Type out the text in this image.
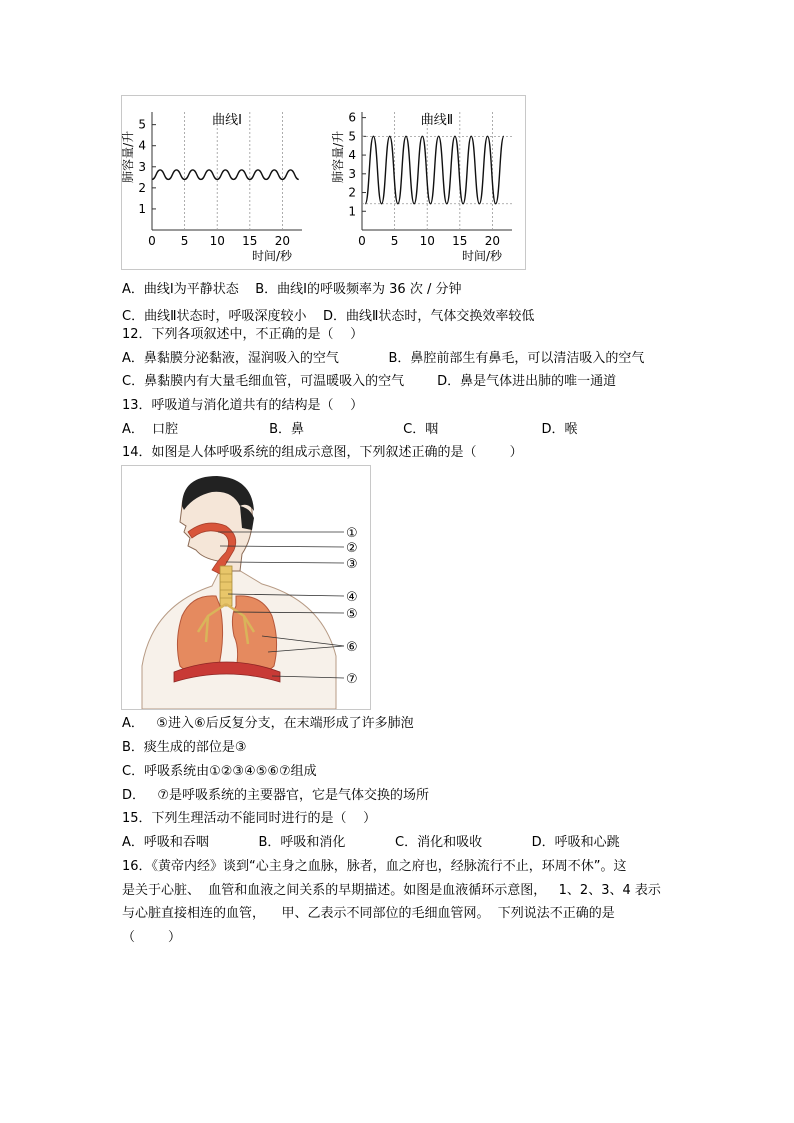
0 5 10 15 20
1
2
3
4
5	曲线Ⅰ
时间/秒
肺容量/升
0 5 10 15 20
1
2
3
4
5
6	曲线Ⅱ
时间/秒
肺容量/升
A．曲线Ⅰ为平静状态    B．曲线Ⅰ的呼吸频率为 36 次 / 分钟
C．曲线Ⅱ状态时，呼吸深度较小    D．曲线Ⅱ状态时，气体交换效率较低
12．下列各项叙述中，不正确的是（    ）
A．鼻黏膜分泌黏液，湿润吸入的空气            B．鼻腔前部生有鼻毛，可以清洁吸入的空气
C．鼻黏膜内有大量毛细血管，可温暖吸入的空气        D．鼻是气体进出肺的唯一通道
13．呼吸道与消化道共有的结构是（    ）
A．  口腔                      B．鼻                        C．咽                         D．喉
14．如图是人体呼吸系统的组成示意图，下列叙述正确的是（        ）
①
②
③
④
⑤
⑥
⑦
A．   ⑤进入⑥后反复分支，在末端形成了许多肺泡
B．痰生成的部位是③
C．呼吸系统由①②③④⑤⑥⑦组成
D．   ⑦是呼吸系统的主要器官，它是气体交换的场所
15．下列生理活动不能同时进行的是（    ）
A．呼吸和吞咽            B．呼吸和消化            C．消化和吸收            D．呼吸和心跳
16．《黄帝内经》谈到“心主身之血脉，脉者，血之府也，经脉流行不止，环周不休”。这
是关于心脏、  血管和血液之间关系的早期描述。如图是血液循环示意图，   1、2、3、4 表示
与心脏直接相连的血管，    甲、乙表示不同部位的毛细血管网。  下列说法不正确的是
（        ）
